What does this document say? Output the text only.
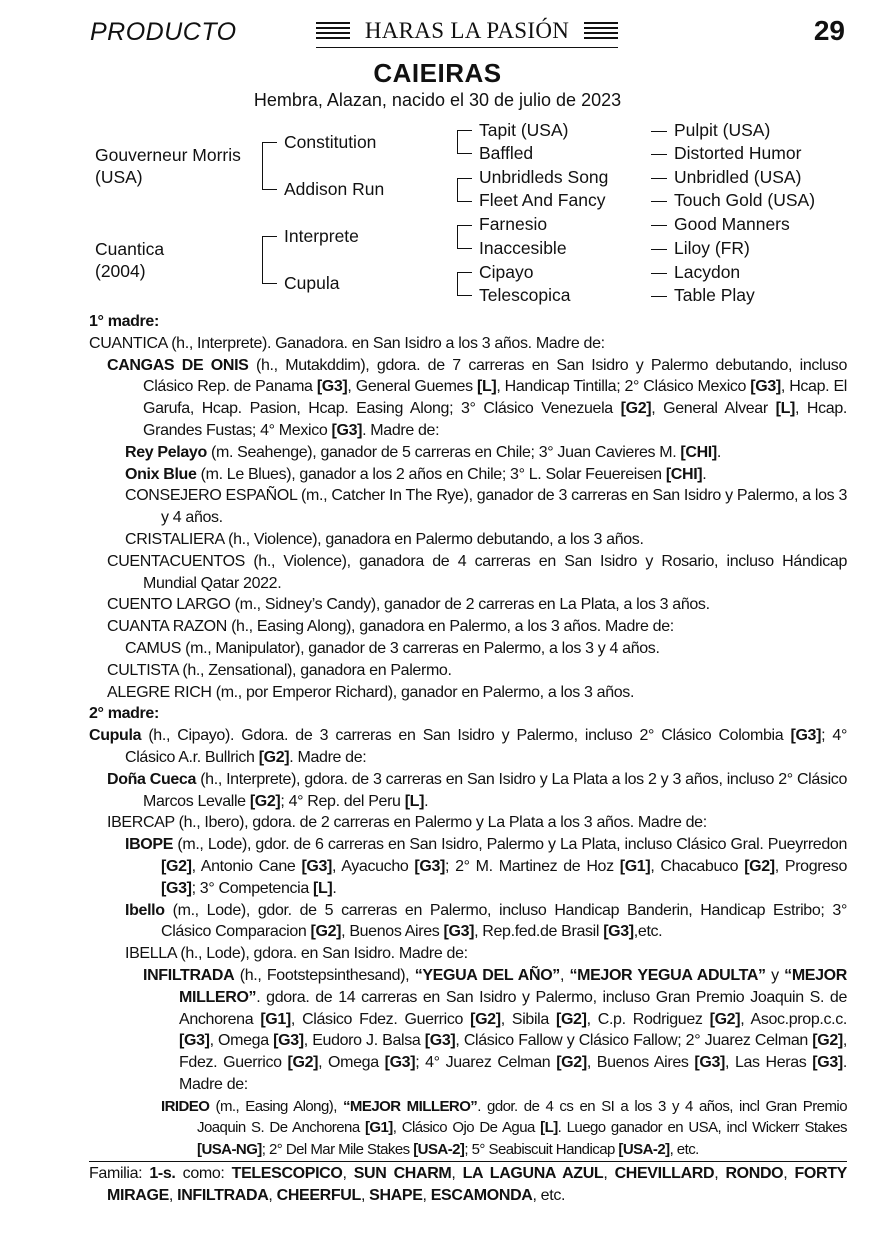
PRODUCTO	HARAS LA PASIÓN	29
CAIEIRAS
Hembra, Alazan, nacido el 30 de julio de 2023
Gouverneur Morris
(USA)
Cuantica
(2004)
Constitution
Addison Run
Interprete
Cupula
Tapit (USA)
Baffled
Unbridleds Song
Fleet And Fancy
Farnesio
Inaccesible
Cipayo
Telescopica
Pulpit (USA)
Distorted Humor
Unbridled (USA)
Touch Gold (USA)
Good Manners
Liloy (FR)
Lacydon
Table Play

1° madre:

CUANTICA (h., Interprete). Ganadora. en San Isidro a los 3 años. Madre de:

CANGAS DE ONIS (h., Mutakddim), gdora. de 7 carreras en San Isidro y Palermo debutando, incluso Clásico Rep. de Panama [G3], General Guemes [L], Handicap Tintilla; 2° Clásico Mexico [G3], Hcap. El Garufa, Hcap. Pasion, Hcap. Easing Along; 3° Clásico Venezuela [G2], General Alvear [L], Hcap. Grandes Fustas; 4° Mexico [G3]. Madre de:

Rey Pelayo (m. Seahenge), ganador de 5 carreras en Chile; 3° Juan Cavieres M. [CHI].

Onix Blue (m. Le Blues), ganador a los 2 años en Chile; 3° L. Solar Feuereisen [CHI].

CONSEJERO ESPAÑOL (m., Catcher In The Rye), ganador de 3 carreras en San Isidro y Palermo, a los 3 y 4 años.

CRISTALIERA (h., Violence), ganadora en Palermo debutando, a los 3 años.

CUENTACUENTOS (h., Violence), ganadora de 4 carreras en San Isidro y Rosario, incluso Hándicap Mundial Qatar 2022.

CUENTO LARGO (m., Sidney’s Candy), ganador de 2 carreras en La Plata, a los 3 años.

CUANTA RAZON (h., Easing Along), ganadora en Palermo, a los 3 años. Madre de:

CAMUS (m., Manipulator), ganador de 3 carreras en Palermo, a los 3 y 4 años.

CULTISTA (h., Zensational), ganadora en Palermo.

ALEGRE RICH (m., por Emperor Richard), ganador en Palermo, a los 3 años.

2° madre:

Cupula (h., Cipayo). Gdora. de 3 carreras en San Isidro y Palermo, incluso 2° Clásico Colombia [G3]; 4° Clásico A.r. Bullrich [G2]. Madre de:

Doña Cueca (h., Interprete), gdora. de 3 carreras en San Isidro y La Plata a los 2 y 3 años, incluso 2° Clásico Marcos Levalle [G2]; 4° Rep. del Peru [L].

IBERCAP (h., Ibero), gdora. de 2 carreras en Palermo y La Plata a los 3 años. Madre de:

IBOPE (m., Lode), gdor. de 6 carreras en San Isidro, Palermo y La Plata, incluso Clásico Gral. Pueyrredon [G2], Antonio Cane [G3], Ayacucho [G3]; 2° M. Martinez de Hoz [G1], Chacabuco [G2], Progreso [G3]; 3° Competencia [L].

Ibello (m., Lode), gdor. de 5 carreras en Palermo, incluso Handicap Banderin, Handicap Estribo; 3° Clásico Comparacion [G2], Buenos Aires [G3], Rep.fed.de Brasil [G3],etc.

IBELLA (h., Lode), gdora. en San Isidro. Madre de:

INFILTRADA (h., Footstepsinthesand), “YEGUA DEL AÑO”, “MEJOR YEGUA ADULTA” y “MEJOR MILLERO”. gdora. de 14 carreras en San Isidro y Palermo, incluso Gran Premio Joaquin S. de Anchorena [G1], Clásico Fdez. Guerrico [G2], Sibila [G2], C.p. Rodriguez [G2], Asoc.prop.c.c. [G3], Omega [G3], Eudoro J. Balsa [G3], Clásico Fallow y Clásico Fallow; 2° Juarez Celman [G2], Fdez. Guerrico [G2], Omega [G3]; 4° Juarez Celman [G2], Buenos Aires [G3], Las Heras [G3]. Madre de:

IRIDEO (m., Easing Along), “MEJOR MILLERO”. gdor. de 4 cs en SI a los 3 y 4 años, incl Gran Premio Joaquin S. De Anchorena [G1], Clásico Ojo De Agua [L]. Luego ganador en USA, incl Wickerr Stakes [USA-NG]; 2° Del Mar Mile Stakes [USA-2]; 5° Seabiscuit Handicap [USA-2], etc.

Familia: 1-s. como: TELESCOPICO, SUN CHARM, LA LAGUNA AZUL, CHEVILLARD, RONDO, FORTY MIRAGE, INFILTRADA, CHEERFUL, SHAPE, ESCAMONDA, etc.
